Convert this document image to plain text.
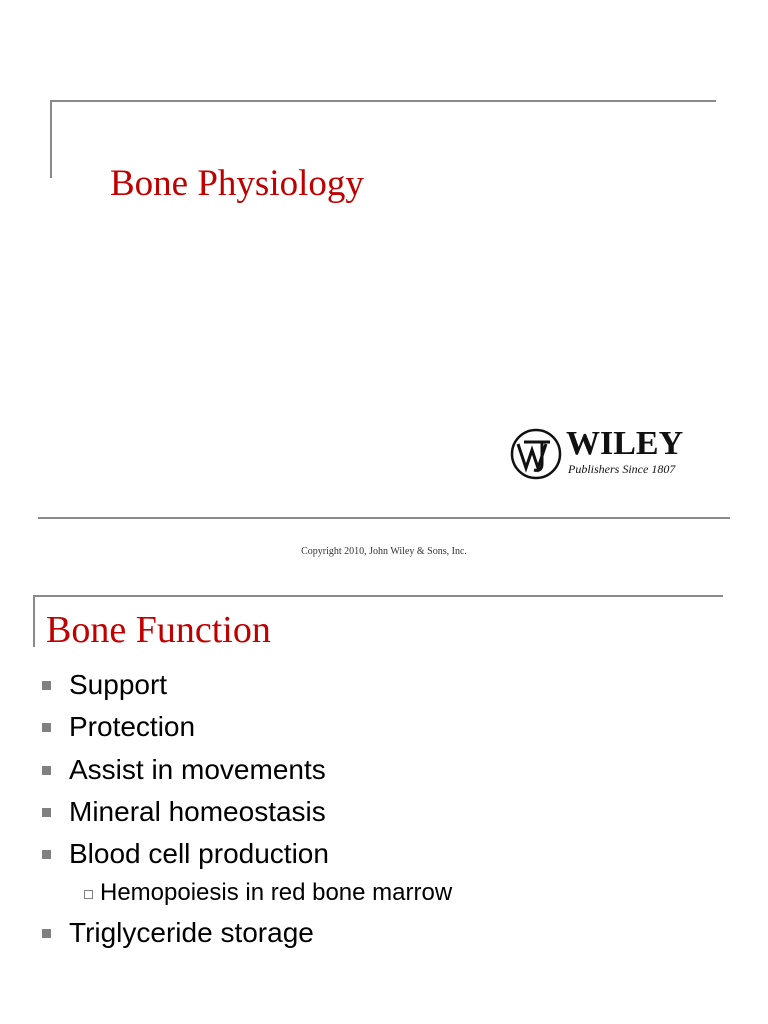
Bone Physiology
WILEY
Publishers Since 1807
Copyright 2010, John Wiley & Sons, Inc.
Bone Function
Support
Protection
Assist in movements
Mineral homeostasis
Blood cell production
Hemopoiesis in red bone marrow
Triglyceride storage
